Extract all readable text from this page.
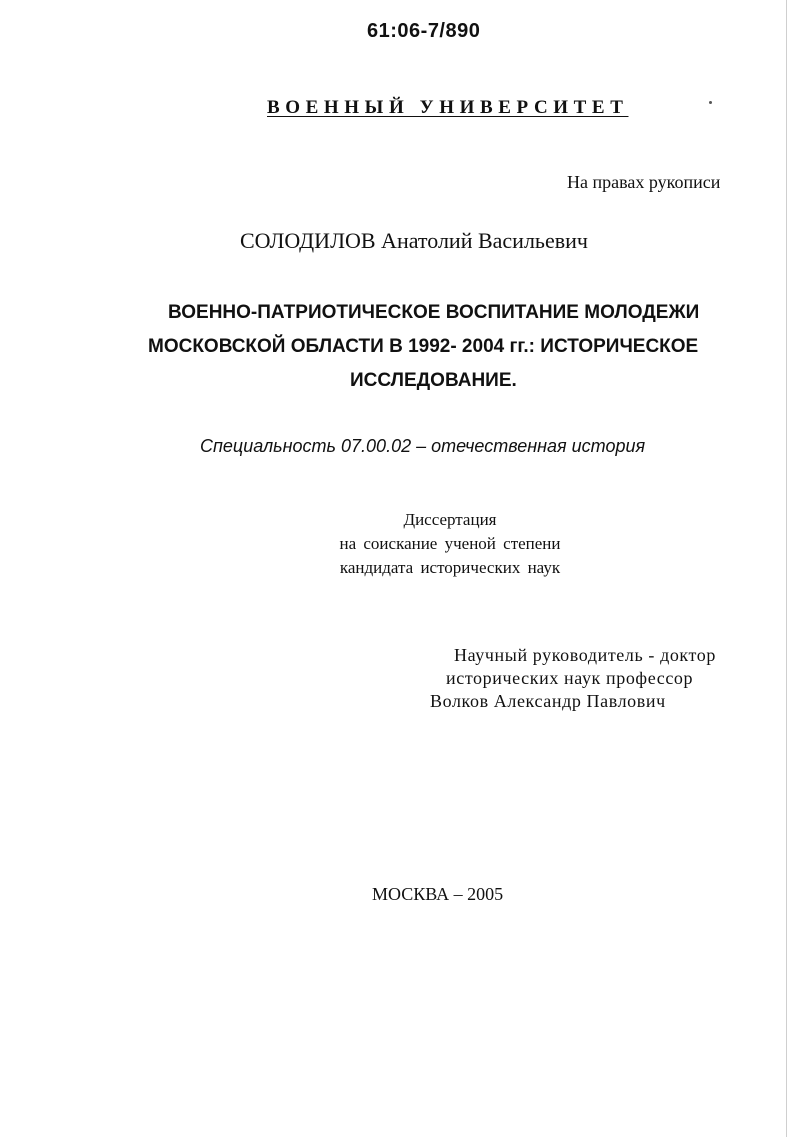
61:06-7/890
ВОЕННЫЙ УНИВЕРСИТЕТ
На правах рукописи
СОЛОДИЛОВ Анатолий Васильевич
ВОЕННО-ПАТРИОТИЧЕСКОЕ ВОСПИТАНИЕ МОЛОДЕЖИ
МОСКОВСКОЙ ОБЛАСТИ В 1992- 2004 гг.: ИСТОРИЧЕСКОЕ
ИССЛЕДОВАНИЕ.
Специальность 07.00.02 – отечественная история
Диссертация
на соискание ученой степени
кандидата исторических наук
Научный руководитель - доктор
исторических наук профессор
Волков Александр Павлович
МОСКВА – 2005
